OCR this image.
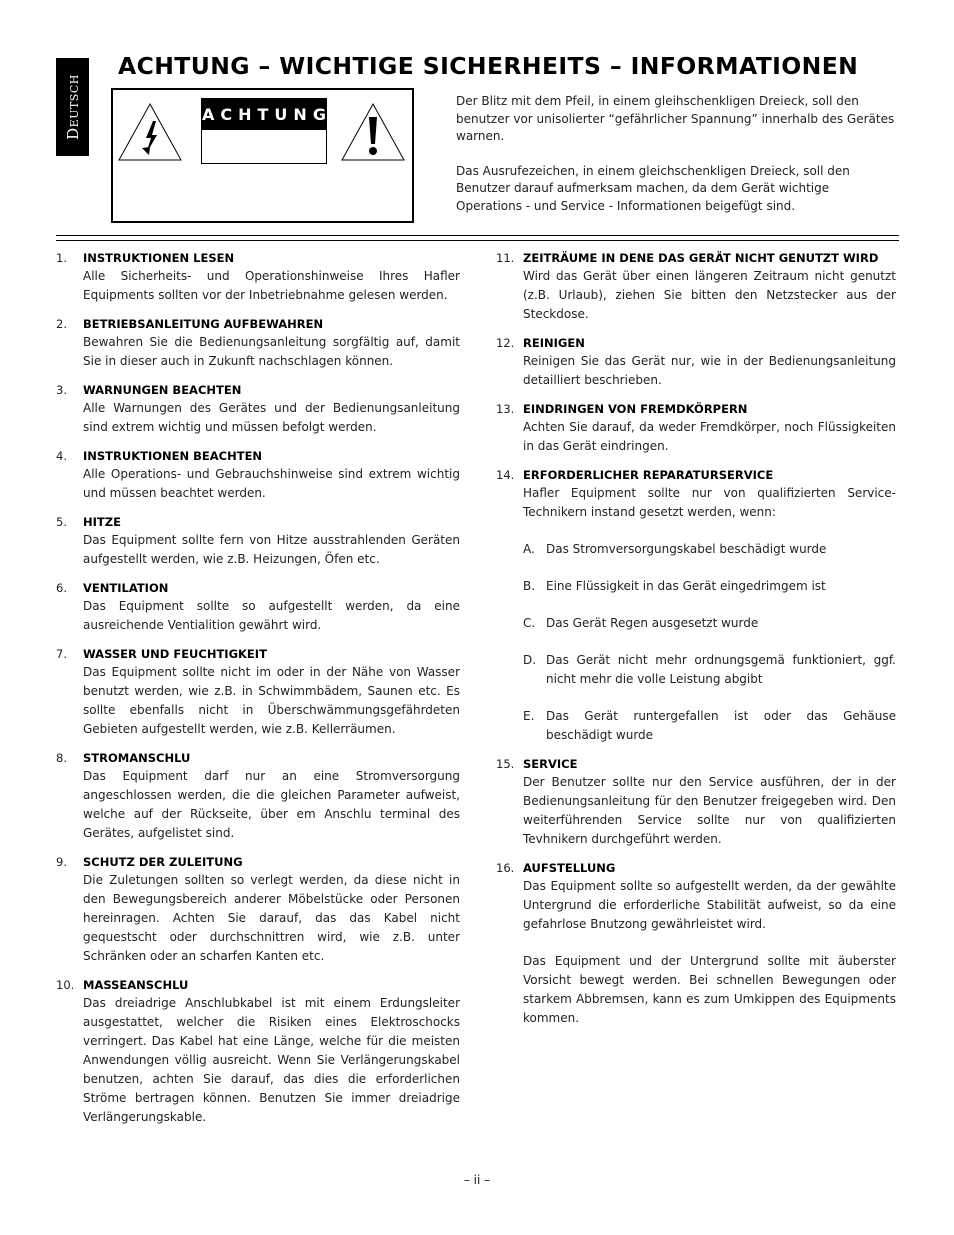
Deutsch
ACHTUNG – WICHTIGE SICHERHEITS – INFORMATIONEN
ACHTUNG

Der Blitz mit dem Pfeil, in einem gleihschenkligen Dreieck, soll den benutzer vor unisolierter “gefährlicher Spannung” innerhalb des Gerätes warnen.

Das Ausrufezeichen, in einem gleichschenkligen Dreieck, soll den Benutzer darauf aufmerksam machen, da dem Gerät wichtige Operations - und Service - Informationen beigefügt sind.

1. INSTRUKTIONEN LESEN
Alle Sicherheits- und Operationshinweise Ihres Hafler Equipments sollten vor der Inbetriebnahme gelesen werden.
2. BETRIEBSANLEITUNG AUFBEWAHREN
Bewahren Sie die Bedienungsanleitung sorgfältig auf, damit Sie in dieser auch in Zukunft nachschlagen können.
3. WARNUNGEN BEACHTEN
Alle Warnungen des Gerätes und der Bedienungsanleitung sind extrem wichtig und müssen befolgt werden.
4. INSTRUKTIONEN BEACHTEN
Alle Operations- und Gebrauchshinweise sind extrem wichtig und müssen beachtet werden.
5. HITZE
Das Equipment sollte fern von Hitze ausstrahlenden Geräten aufgestellt werden, wie z.B. Heizungen, Öfen etc.
6. VENTILATION
Das Equipment sollte so aufgestellt werden, da eine ausreichende Ventialition gewährt wird.
7. WASSER UND FEUCHTIGKEIT
Das Equipment sollte nicht im oder in der Nähe von Wasser benutzt werden, wie z.B. in Schwimmbädem, Saunen etc. Es sollte ebenfalls nicht in Überschwämmungsgefährdeten Gebieten aufgestellt werden, wie z.B. Kellerräumen.
8. STROMANSCHLU
Das Equipment darf nur an eine Stromversorgung angeschlossen werden, die die gleichen Parameter aufweist, welche auf der Rückseite, über em Anschlu terminal des Gerätes, aufgelistet sind.
9. SCHUTZ DER ZULEITUNG
Die Zuletungen sollten so verlegt werden, da diese nicht in den Bewegungsbereich anderer Möbelstücke oder Personen hereinragen. Achten Sie darauf, das das Kabel nicht gequestscht oder durchschnittren wird, wie z.B. unter Schränken oder an scharfen Kanten etc.
10. MASSEANSCHLU
Das dreiadrige Anschlubkabel ist mit einem Erdungsleiter ausgestattet, welcher die Risiken eines Elektroschocks verringert. Das Kabel hat eine Länge, welche für die meisten Anwendungen völlig ausreicht. Wenn Sie Verlängerungskabel benutzen, achten Sie darauf, das dies die erforderlichen Ströme bertragen können. Benutzen Sie immer dreiadrige Verlängerungskable.
11. ZEITRÄUME IN DENE DAS GERÄT NICHT GENUTZT WIRD
Wird das Gerät über einen längeren Zeitraum nicht genutzt (z.B. Urlaub), ziehen Sie bitten den Netzstecker aus der Steckdose.
12. REINIGEN
Reinigen Sie das Gerät nur, wie in der Bedienungsanleitung detailliert beschrieben.
13. EINDRINGEN VON FREMDKÖRPERN
Achten Sie darauf, da weder Fremdkörper, noch Flüssigkeiten in das Gerät eindringen.
14. ERFORDERLICHER REPARATURSERVICE
Hafler Equipment sollte nur von qualifizierten Service-Technikern instand gesetzt werden, wenn:
A. Das Stromversorgungskabel beschädigt wurde
B. Eine Flüssigkeit in das Gerät eingedrimgem ist
C. Das Gerät Regen ausgesetzt wurde
D. Das Gerät nicht mehr ordnungsgemä funktioniert, ggf. nicht mehr die volle Leistung abgibt
E. Das Gerät runtergefallen ist oder das Gehäuse beschädigt wurde
15. SERVICE
Der Benutzer sollte nur den Service ausführen, der in der Bedienungsanleitung für den Benutzer freigegeben wird. Den weiterführenden Service sollte nur von qualifizierten Tevhnikern durchgeführt werden.
16. AUFSTELLUNG
Das Equipment sollte so aufgestellt werden, da der gewählte Untergrund die erforderliche Stabilität aufweist, so da eine gefahrlose Bnutzong gewährleistet wird.
Das Equipment und der Untergrund sollte mit äuberster Vorsicht bewegt werden. Bei schnellen Bewegungen oder starkem Abbremsen, kann es zum Umkippen des Equipments kommen.
– ii –
